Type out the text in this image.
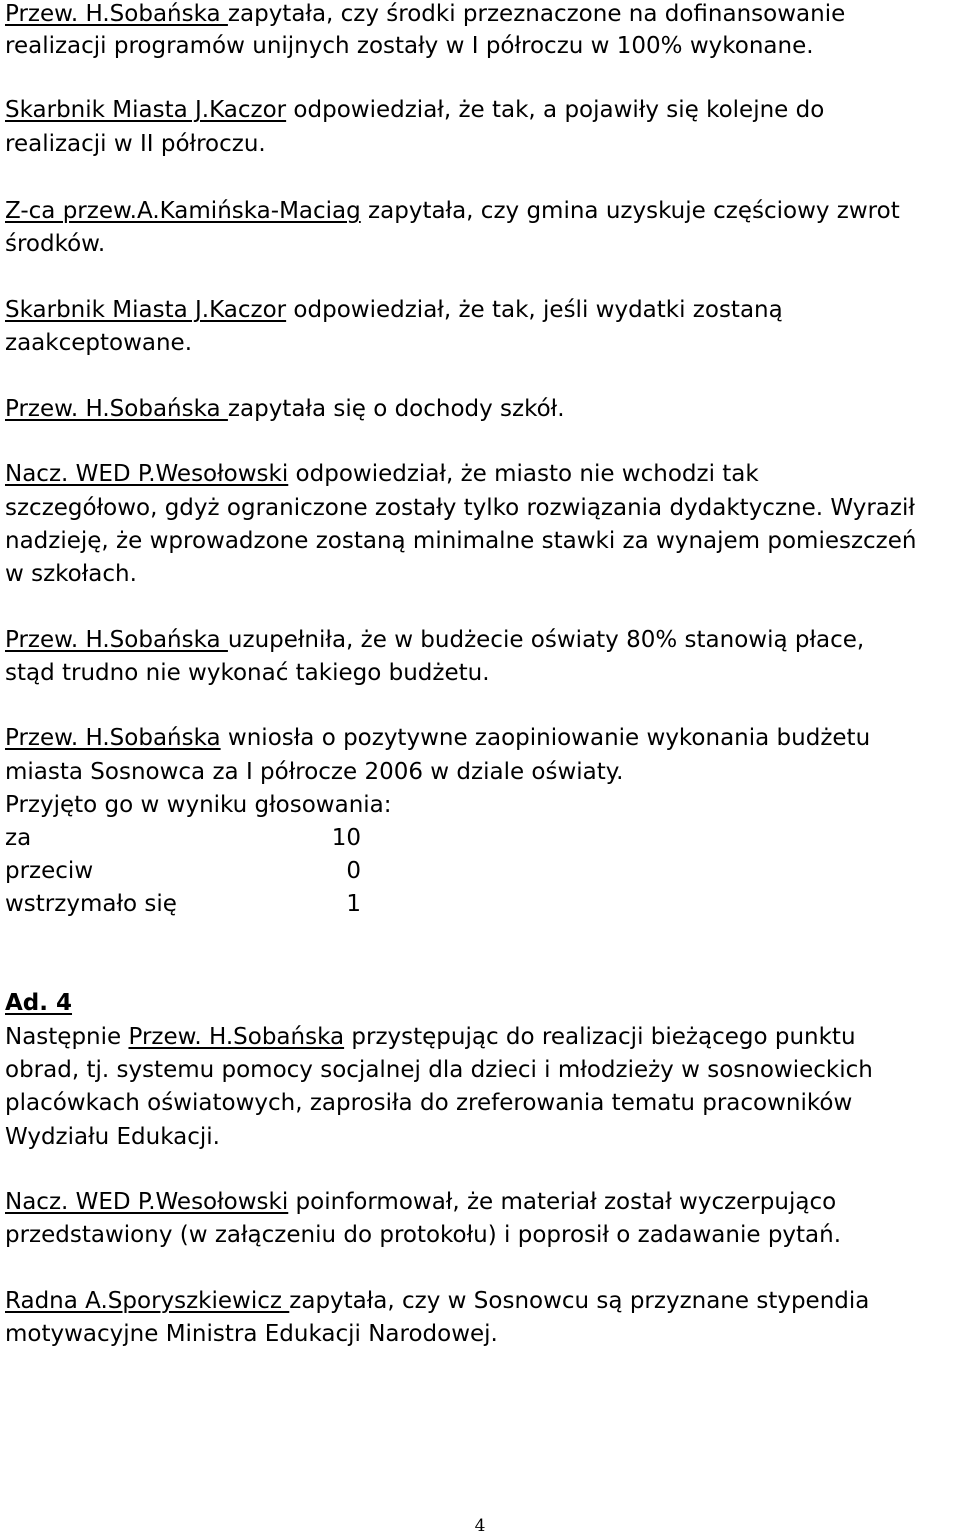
Przew. H.Sobańska zapytała, czy środki przeznaczone na dofinansowanie
realizacji programów unijnych zostały w I półroczu w 100% wykonane.
Skarbnik Miasta J.Kaczor odpowiedział, że tak, a pojawiły się kolejne do
realizacji w II półroczu.
Z-ca przew.A.Kamińska-Maciag zapytała, czy gmina uzyskuje częściowy zwrot
środków.
Skarbnik Miasta J.Kaczor odpowiedział, że tak, jeśli wydatki zostaną
zaakceptowane.
Przew. H.Sobańska zapytała się o dochody szkół.
Nacz. WED P.Wesołowski odpowiedział, że miasto nie wchodzi tak
szczegółowo, gdyż ograniczone zostały tylko rozwiązania dydaktyczne. Wyraził
nadzieję, że wprowadzone zostaną minimalne stawki za wynajem pomieszczeń
w szkołach.
Przew. H.Sobańska uzupełniła, że w budżecie oświaty 80% stanowią płace,
stąd trudno nie wykonać takiego budżetu.
Przew. H.Sobańska wniosła o pozytywne zaopiniowanie wykonania budżetu
miasta Sosnowca za I półrocze 2006 w dziale oświaty.
Przyjęto go w wyniku głosowania:
za	10
przeciw	0
wstrzymało się	1
Ad. 4
Następnie Przew. H.Sobańska przystępując do realizacji bieżącego punktu
obrad, tj. systemu pomocy socjalnej dla dzieci i młodzieży w sosnowieckich
placówkach oświatowych, zaprosiła do zreferowania tematu pracowników
Wydziału Edukacji.
Nacz. WED P.Wesołowski poinformował, że materiał został wyczerpująco
przedstawiony (w załączeniu do protokołu) i poprosił o zadawanie pytań.
Radna A.Sporyszkiewicz zapytała, czy w Sosnowcu są przyznane stypendia
motywacyjne Ministra Edukacji Narodowej.
4
